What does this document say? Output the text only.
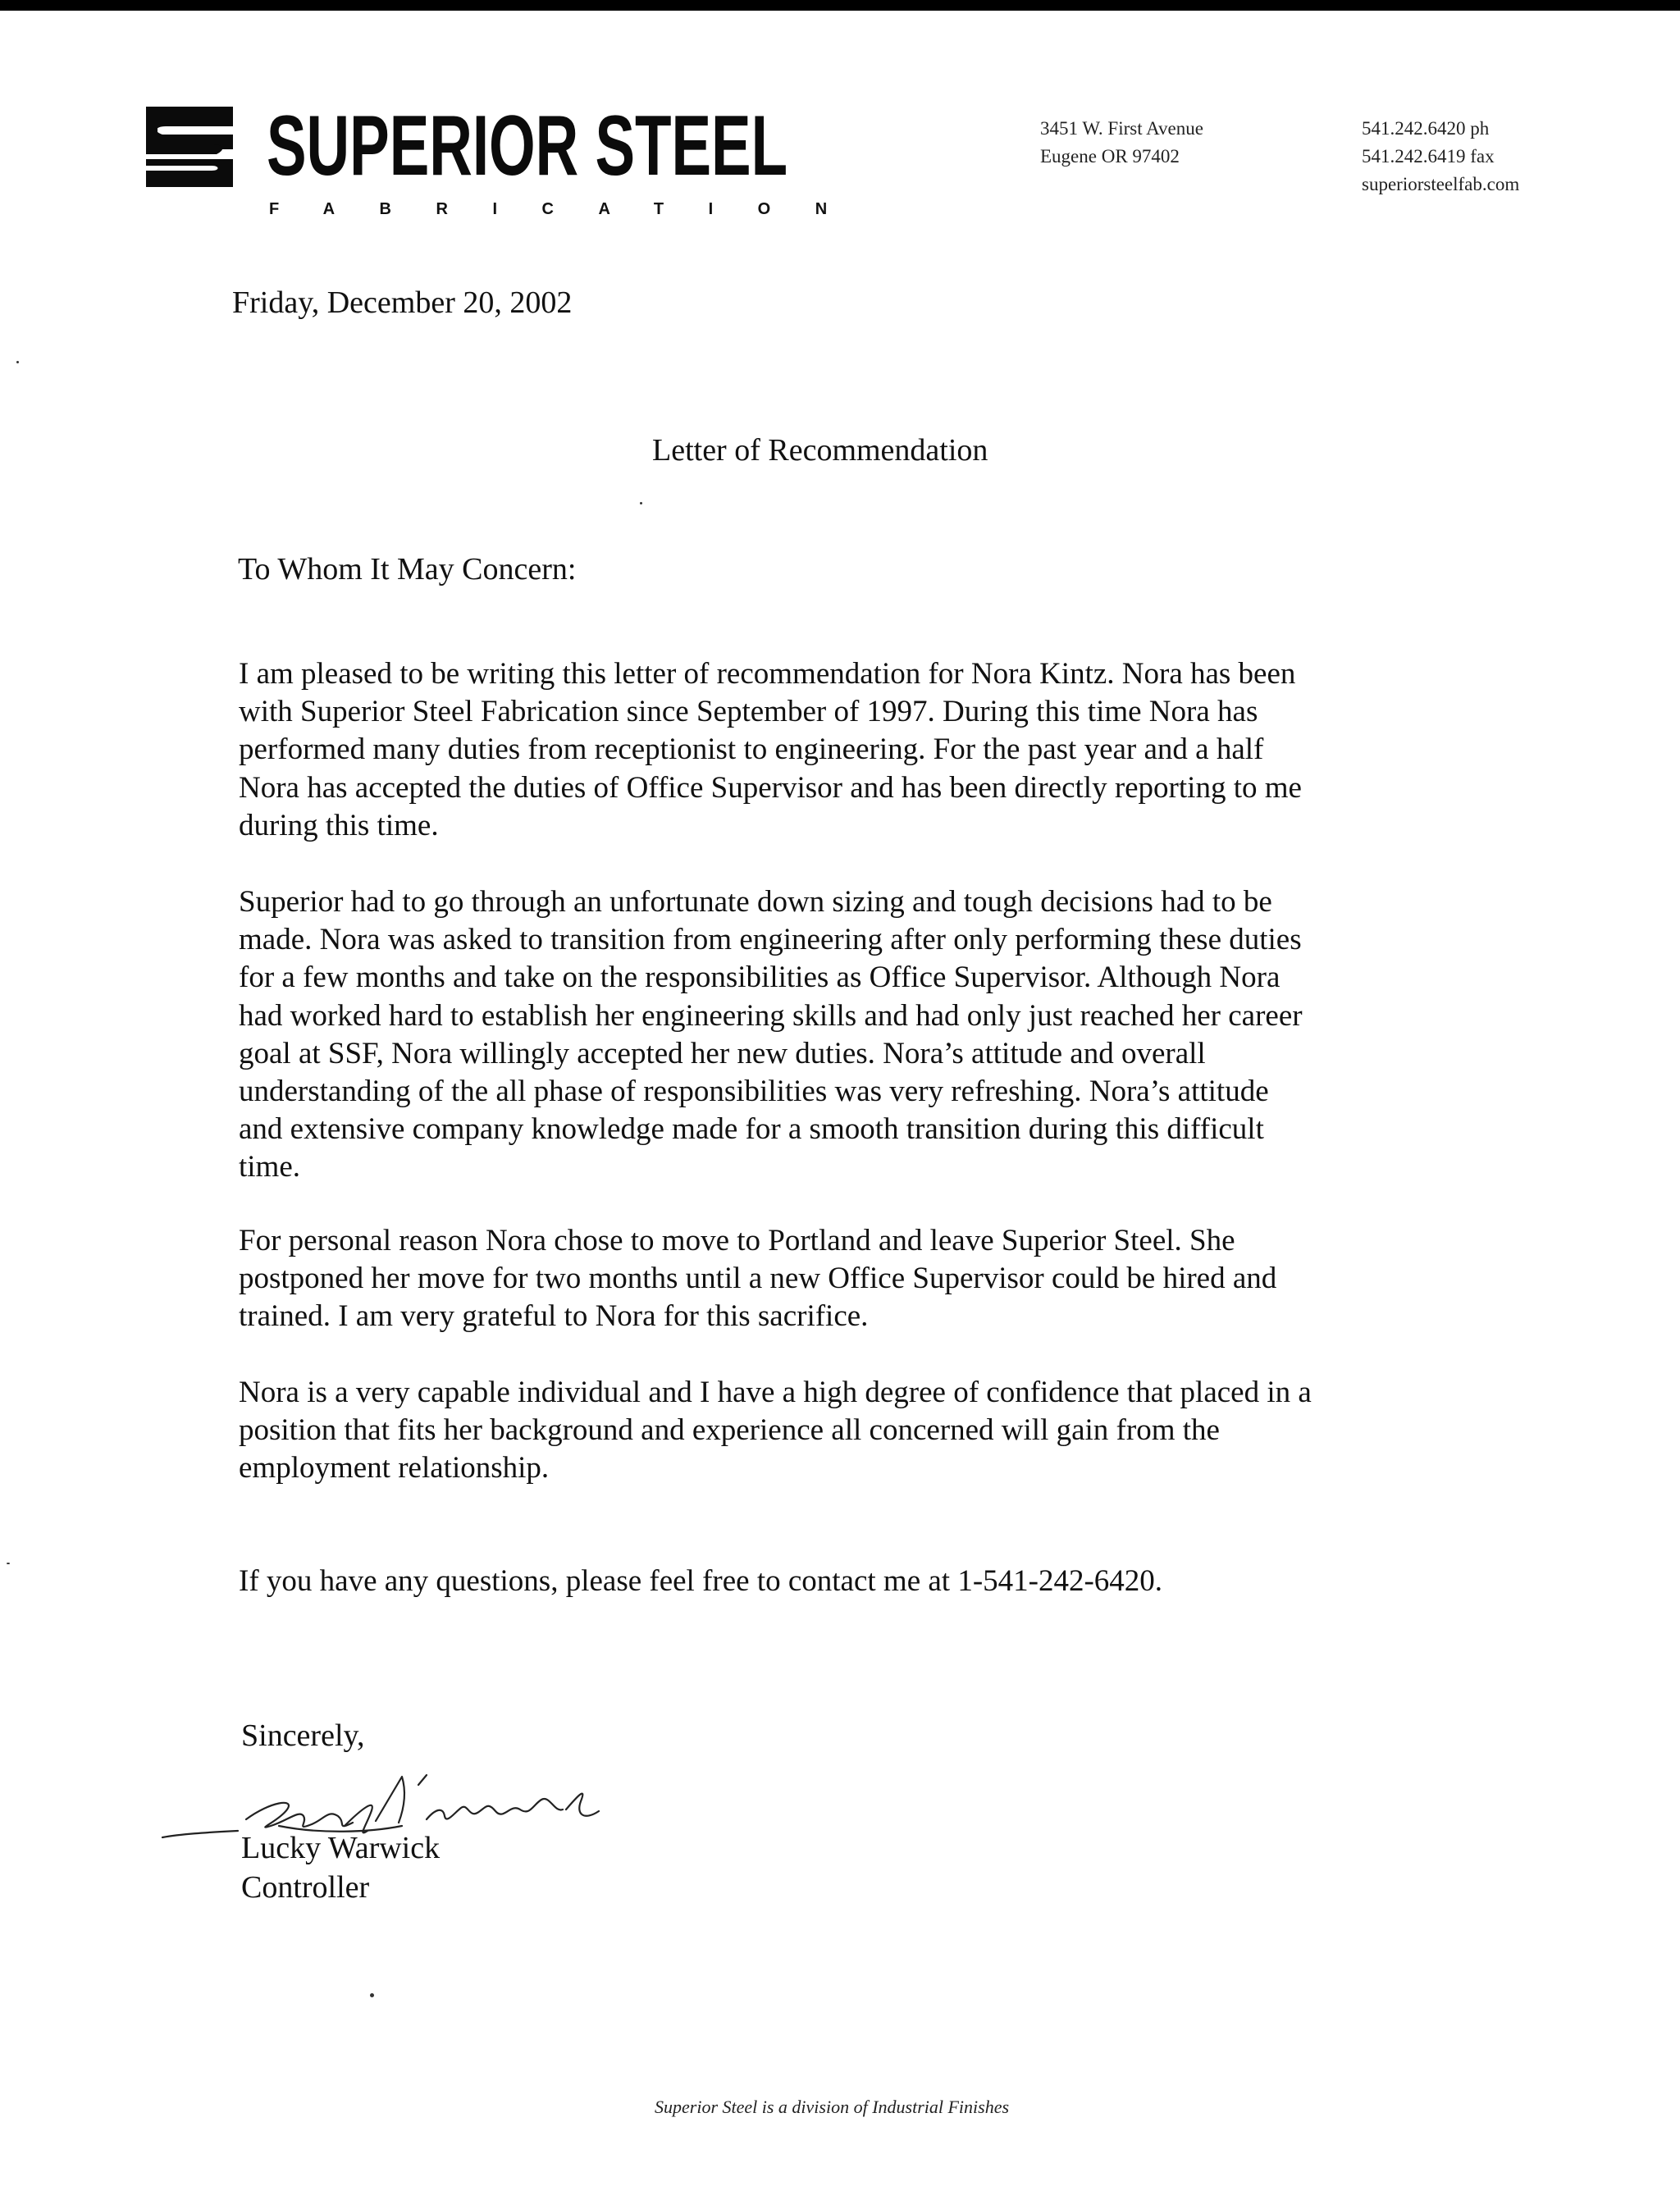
SUPERIOR STEEL
FABRICATION
3451 W. First Avenue
Eugene OR 97402
541.242.6420 ph
541.242.6419 fax
superiorsteelfab.com
Friday, December 20, 2002
Letter of Recommendation
To Whom It May Concern:
I am pleased to be writing this letter of recommendation for Nora Kintz. Nora has been
with Superior Steel Fabrication since September of 1997. During this time Nora has
performed many duties from receptionist to engineering. For the past year and a half
Nora has accepted the duties of Office Supervisor and has been directly reporting to me
during this time.
Superior had to go through an unfortunate down sizing and tough decisions had to be
made. Nora was asked to transition from engineering after only performing these duties
for a few months and take on the responsibilities as Office Supervisor. Although Nora
had worked hard to establish her engineering skills and had only just reached her career
goal at SSF, Nora willingly accepted her new duties. Nora’s attitude and overall
understanding of the all phase of responsibilities was very refreshing. Nora’s attitude
and extensive company knowledge made for a smooth transition during this difficult
time.
For personal reason Nora chose to move to Portland and leave Superior Steel. She
postponed her move for two months until a new Office Supervisor could be hired and
trained. I am very grateful to Nora for this sacrifice.
Nora is a very capable individual and I have a high degree of confidence that placed in a
position that fits her background and experience all concerned will gain from the
employment relationship.
If you have any questions, please feel free to contact me at 1-541-242-6420.
Sincerely,
Lucky Warwick
Controller
Superior Steel is a division of Industrial Finishes
